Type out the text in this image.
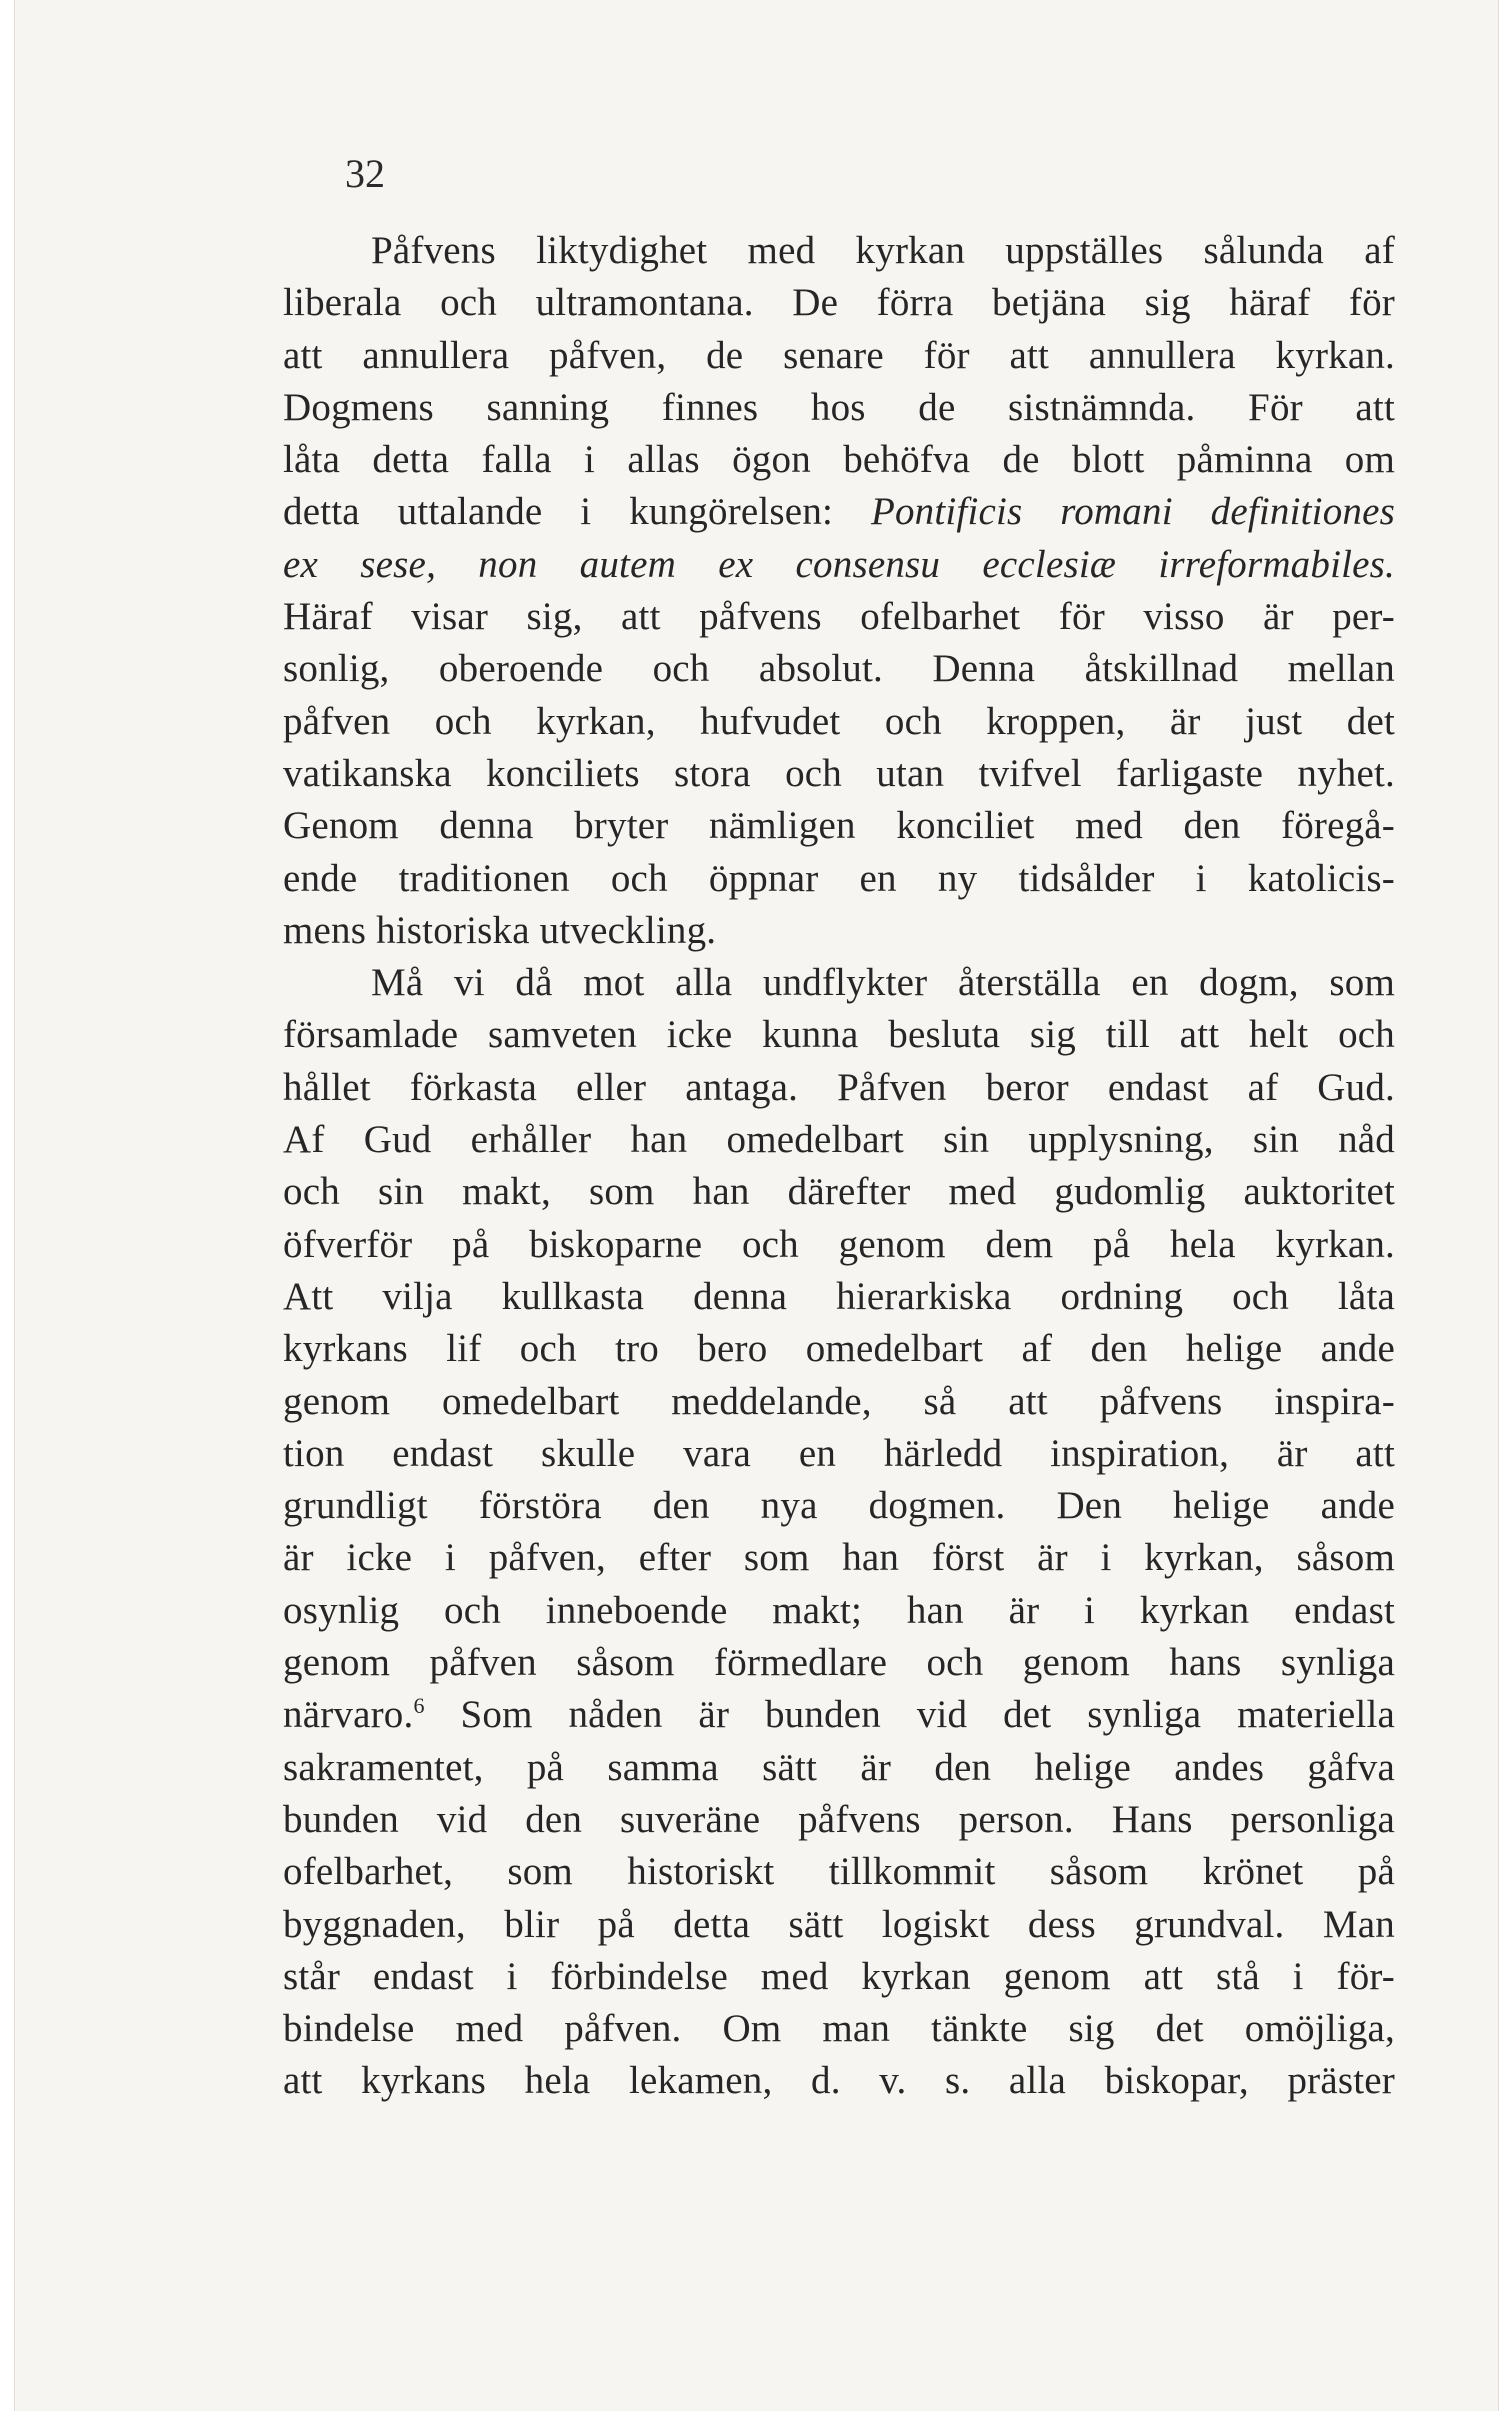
32
Påfvens liktydighet med kyrkan uppställes sålunda af
liberala och ultramontana. De förra betjäna sig häraf för
att annullera påfven, de senare för att annullera kyrkan.
Dogmens sanning finnes hos de sistnämnda. För att
låta detta falla i allas ögon behöfva de blott påminna om
detta uttalande i kungörelsen: Pontificis romani definitiones
ex sese, non autem ex consensu ecclesiæ irreformabiles.
Häraf visar sig, att påfvens ofelbarhet för visso är per-
sonlig, oberoende och absolut. Denna åtskillnad mellan
påfven och kyrkan, hufvudet och kroppen, är just det
vatikanska konciliets stora och utan tvifvel farligaste nyhet.
Genom denna bryter nämligen konciliet med den föregå-
ende traditionen och öppnar en ny tidsålder i katolicis-
mens historiska utveckling.
Må vi då mot alla undflykter återställa en dogm, som
församlade samveten icke kunna besluta sig till att helt och
hållet förkasta eller antaga. Påfven beror endast af Gud.
Af Gud erhåller han omedelbart sin upplysning, sin nåd
och sin makt, som han därefter med gudomlig auktoritet
öfverför på biskoparne och genom dem på hela kyrkan.
Att vilja kullkasta denna hierarkiska ordning och låta
kyrkans lif och tro bero omedelbart af den helige ande
genom omedelbart meddelande, så att påfvens inspira-
tion endast skulle vara en härledd inspiration, är att
grundligt förstöra den nya dogmen. Den helige ande
är icke i påfven, efter som han först är i kyrkan, såsom
osynlig och inneboende makt; han är i kyrkan endast
genom påfven såsom förmedlare och genom hans synliga
närvaro.$^6$ Som nåden är bunden vid det synliga materiella
sakramentet, på samma sätt är den helige andes gåfva
bunden vid den suveräne påfvens person. Hans personliga
ofelbarhet, som historiskt tillkommit såsom krönet på
byggnaden, blir på detta sätt logiskt dess grundval. Man
står endast i förbindelse med kyrkan genom att stå i för-
bindelse med påfven. Om man tänkte sig det omöjliga,
att kyrkans hela lekamen, d. v. s. alla biskopar, präster
